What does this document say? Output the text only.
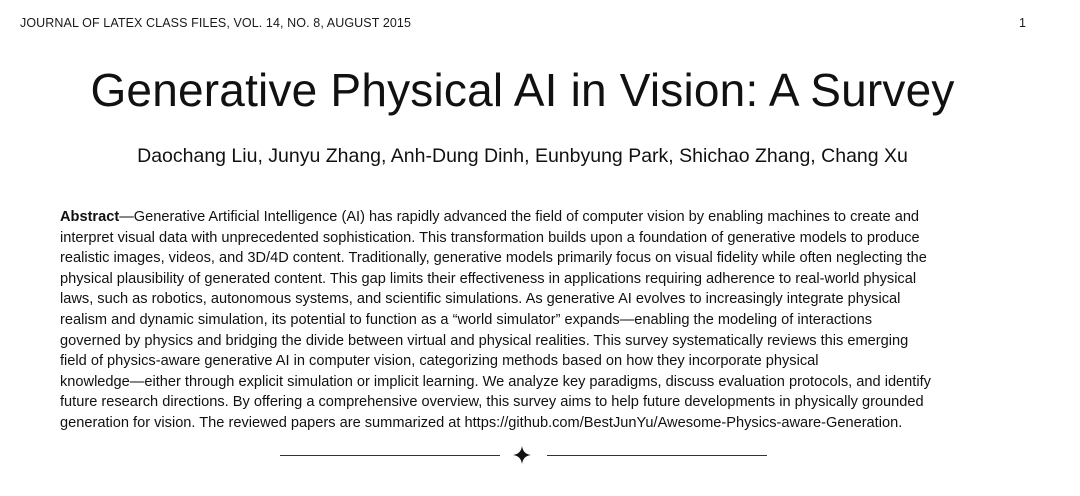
JOURNAL OF LATEX CLASS FILES, VOL. 14, NO. 8, AUGUST 2015	1
Generative Physical AI in Vision: A Survey
Daochang Liu, Junyu Zhang, Anh-Dung Dinh, Eunbyung Park, Shichao Zhang, Chang Xu

Abstract—Generative Artificial Intelligence (AI) has rapidly advanced the field of computer vision by enabling machines to create and
interpret visual data with unprecedented sophistication. This transformation builds upon a foundation of generative models to produce
realistic images, videos, and 3D/4D content. Traditionally, generative models primarily focus on visual fidelity while often neglecting the
physical plausibility of generated content. This gap limits their effectiveness in applications requiring adherence to real-world physical
laws, such as robotics, autonomous systems, and scientific simulations. As generative AI evolves to increasingly integrate physical
realism and dynamic simulation, its potential to function as a “world simulator” expands—enabling the modeling of interactions
governed by physics and bridging the divide between virtual and physical realities. This survey systematically reviews this emerging
field of physics-aware generative AI in computer vision, categorizing methods based on how they incorporate physical
knowledge—either through explicit simulation or implicit learning. We analyze key paradigms, discuss evaluation protocols, and identify
future research directions. By offering a comprehensive overview, this survey aims to help future developments in physically grounded
generation for vision. The reviewed papers are summarized at https://github.com/BestJunYu/Awesome-Physics-aware-Generation.
